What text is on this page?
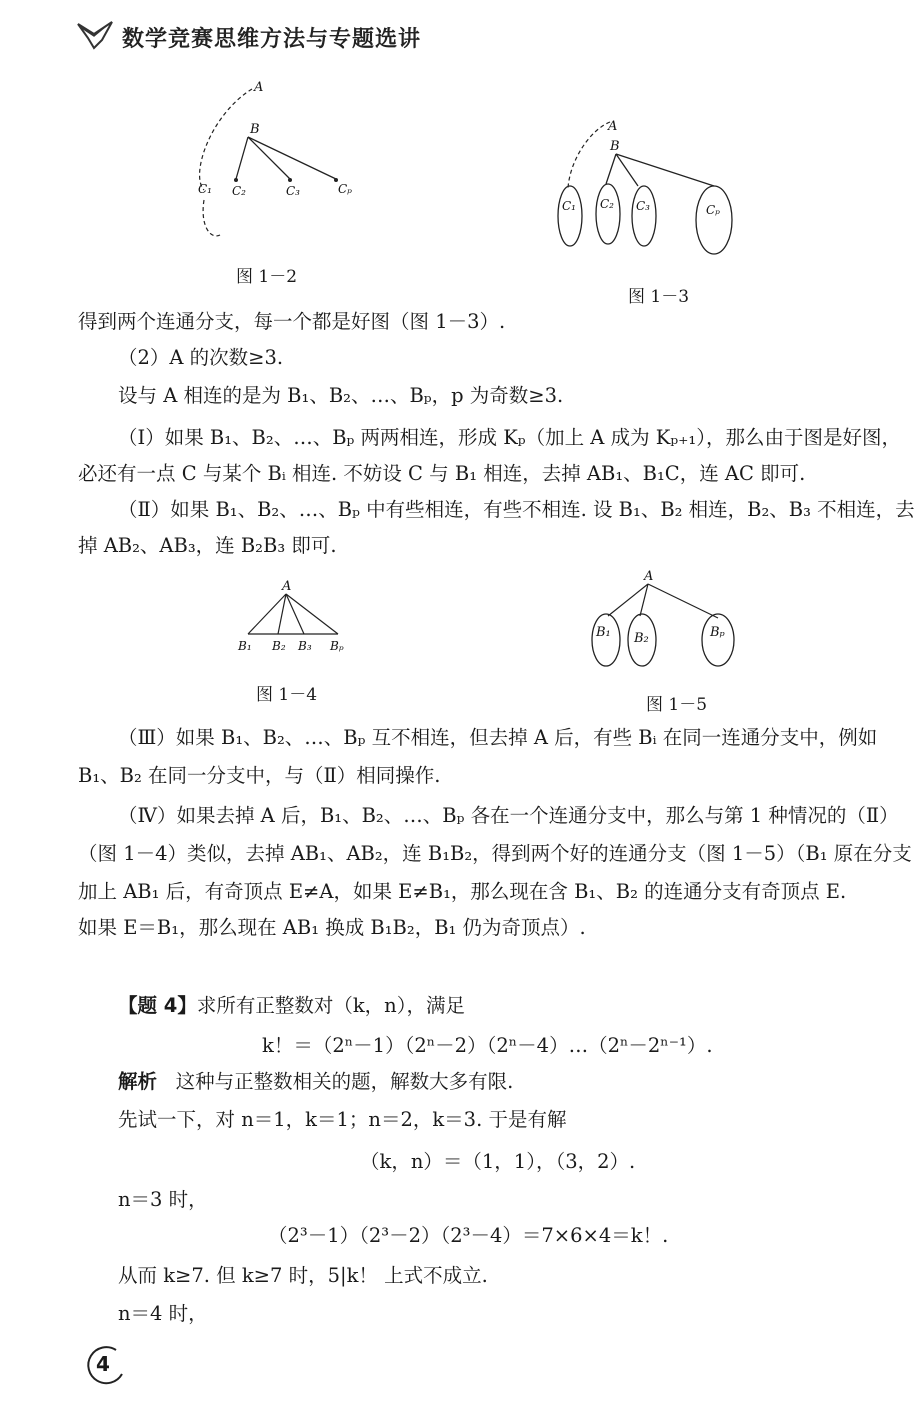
数学竞赛思维方法与专题选讲
A
B
C₁ C₂	C₃	Cₚ
图 1－2
A
B
C₁ C₂ C₃	Cₚ
图 1－3
得到两个连通分支，每一个都是好图（图 1－3）.
（2）A 的次数≥3.
设与 A 相连的是为 B₁、B₂、…、Bₚ，p 为奇数≥3.
（Ⅰ）如果 B₁、B₂、…、Bₚ 两两相连，形成 Kₚ（加上 A 成为 Kₚ₊₁），那么由于图是好图，
必还有一点 C 与某个 Bᵢ 相连. 不妨设 C 与 B₁ 相连，去掉 AB₁、B₁C，连 AC 即可.
（Ⅱ）如果 B₁、B₂、…、Bₚ 中有些相连，有些不相连. 设 B₁、B₂ 相连，B₂、B₃ 不相连，去
掉 AB₂、AB₃，连 B₂B₃ 即可.
A
B₁ B₂ B₃ Bₚ
图 1－4
A
B₁ B₂	Bₚ
图 1－5
（Ⅲ）如果 B₁、B₂、…、Bₚ 互不相连，但去掉 A 后，有些 Bᵢ 在同一连通分支中，例如
B₁、B₂ 在同一分支中，与（Ⅱ）相同操作.
（Ⅳ）如果去掉 A 后，B₁、B₂、…、Bₚ 各在一个连通分支中，那么与第 1 种情况的（Ⅱ）
（图 1－4）类似，去掉 AB₁、AB₂，连 B₁B₂，得到两个好的连通分支（图 1－5）（B₁ 原在分支
加上 AB₁ 后，有奇顶点 E≠A，如果 E≠B₁，那么现在含 B₁、B₂ 的连通分支有奇顶点 E.
如果 E＝B₁，那么现在 AB₁ 换成 B₁B₂，B₁ 仍为奇顶点）.
【题 4】求所有正整数对（k，n），满足
k！＝（2ⁿ－1）（2ⁿ－2）（2ⁿ－4）…（2ⁿ－2ⁿ⁻¹）.
解析 这种与正整数相关的题，解数大多有限.
先试一下，对 n＝1，k＝1；n＝2，k＝3. 于是有解
（k，n）＝（1，1），（3，2）.
n＝3 时，
（2³－1）（2³－2）（2³－4）＝7×6×4＝k！.
从而 k≥7. 但 k≥7 时，5|k！ 上式不成立.
n＝4 时，
4
